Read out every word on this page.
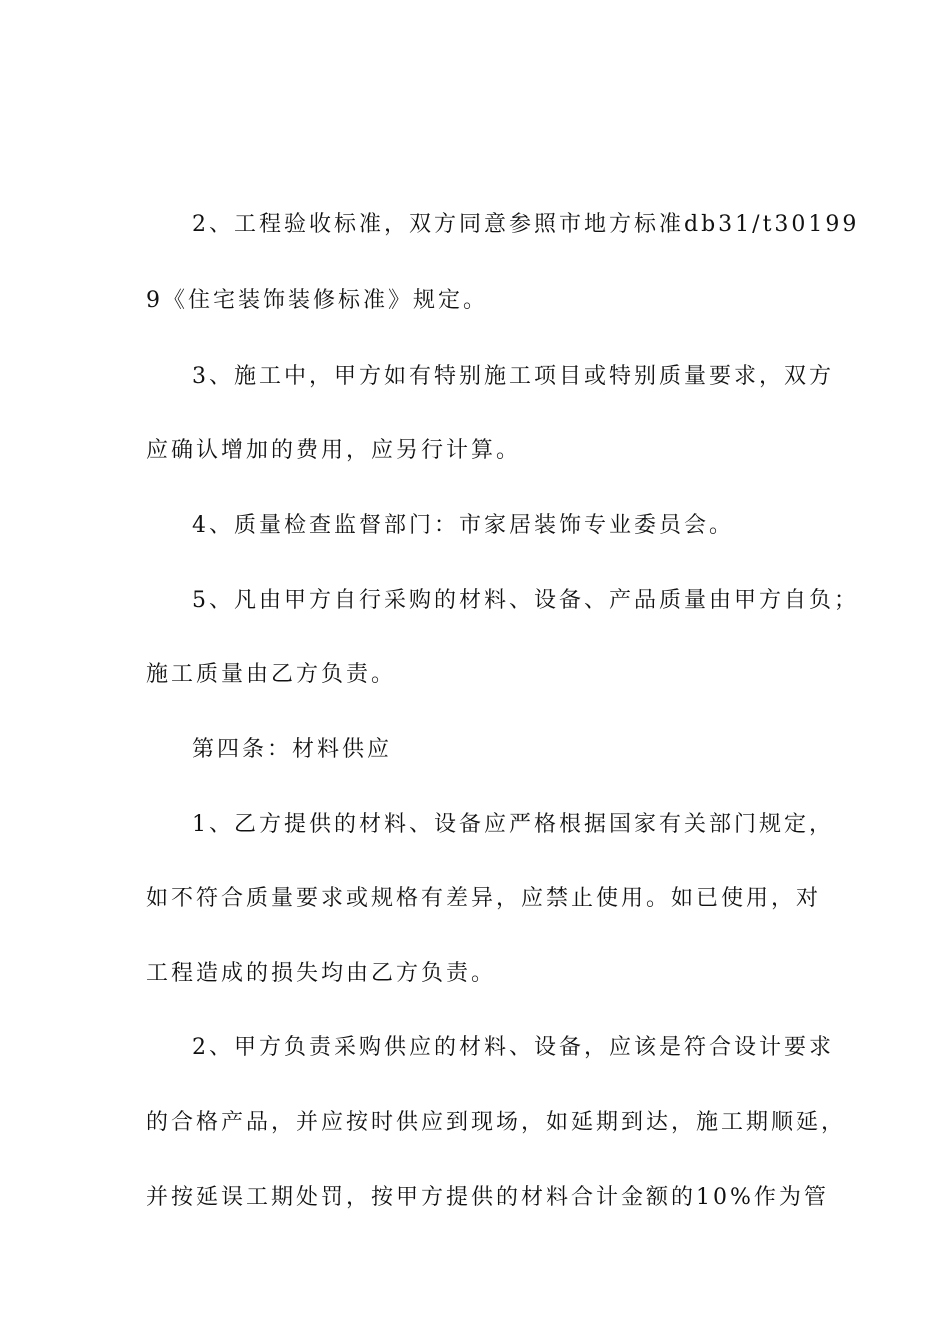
2、工程验收标准，双方同意参照市地方标准db31/t30199
9《住宅装饰装修标准》规定。
3、施工中，甲方如有特别施工项目或特别质量要求，双方
应确认增加的费用，应另行计算。
4、质量检查监督部门：市家居装饰专业委员会。
5、凡由甲方自行采购的材料、设备、产品质量由甲方自负；
施工质量由乙方负责。
第四条：材料供应
1、乙方提供的材料、设备应严格根据国家有关部门规定，
如不符合质量要求或规格有差异，应禁止使用。如已使用，对
工程造成的损失均由乙方负责。
2、甲方负责采购供应的材料、设备，应该是符合设计要求
的合格产品，并应按时供应到现场，如延期到达，施工期顺延，
并按延误工期处罚，按甲方提供的材料合计金额的10%作为管
